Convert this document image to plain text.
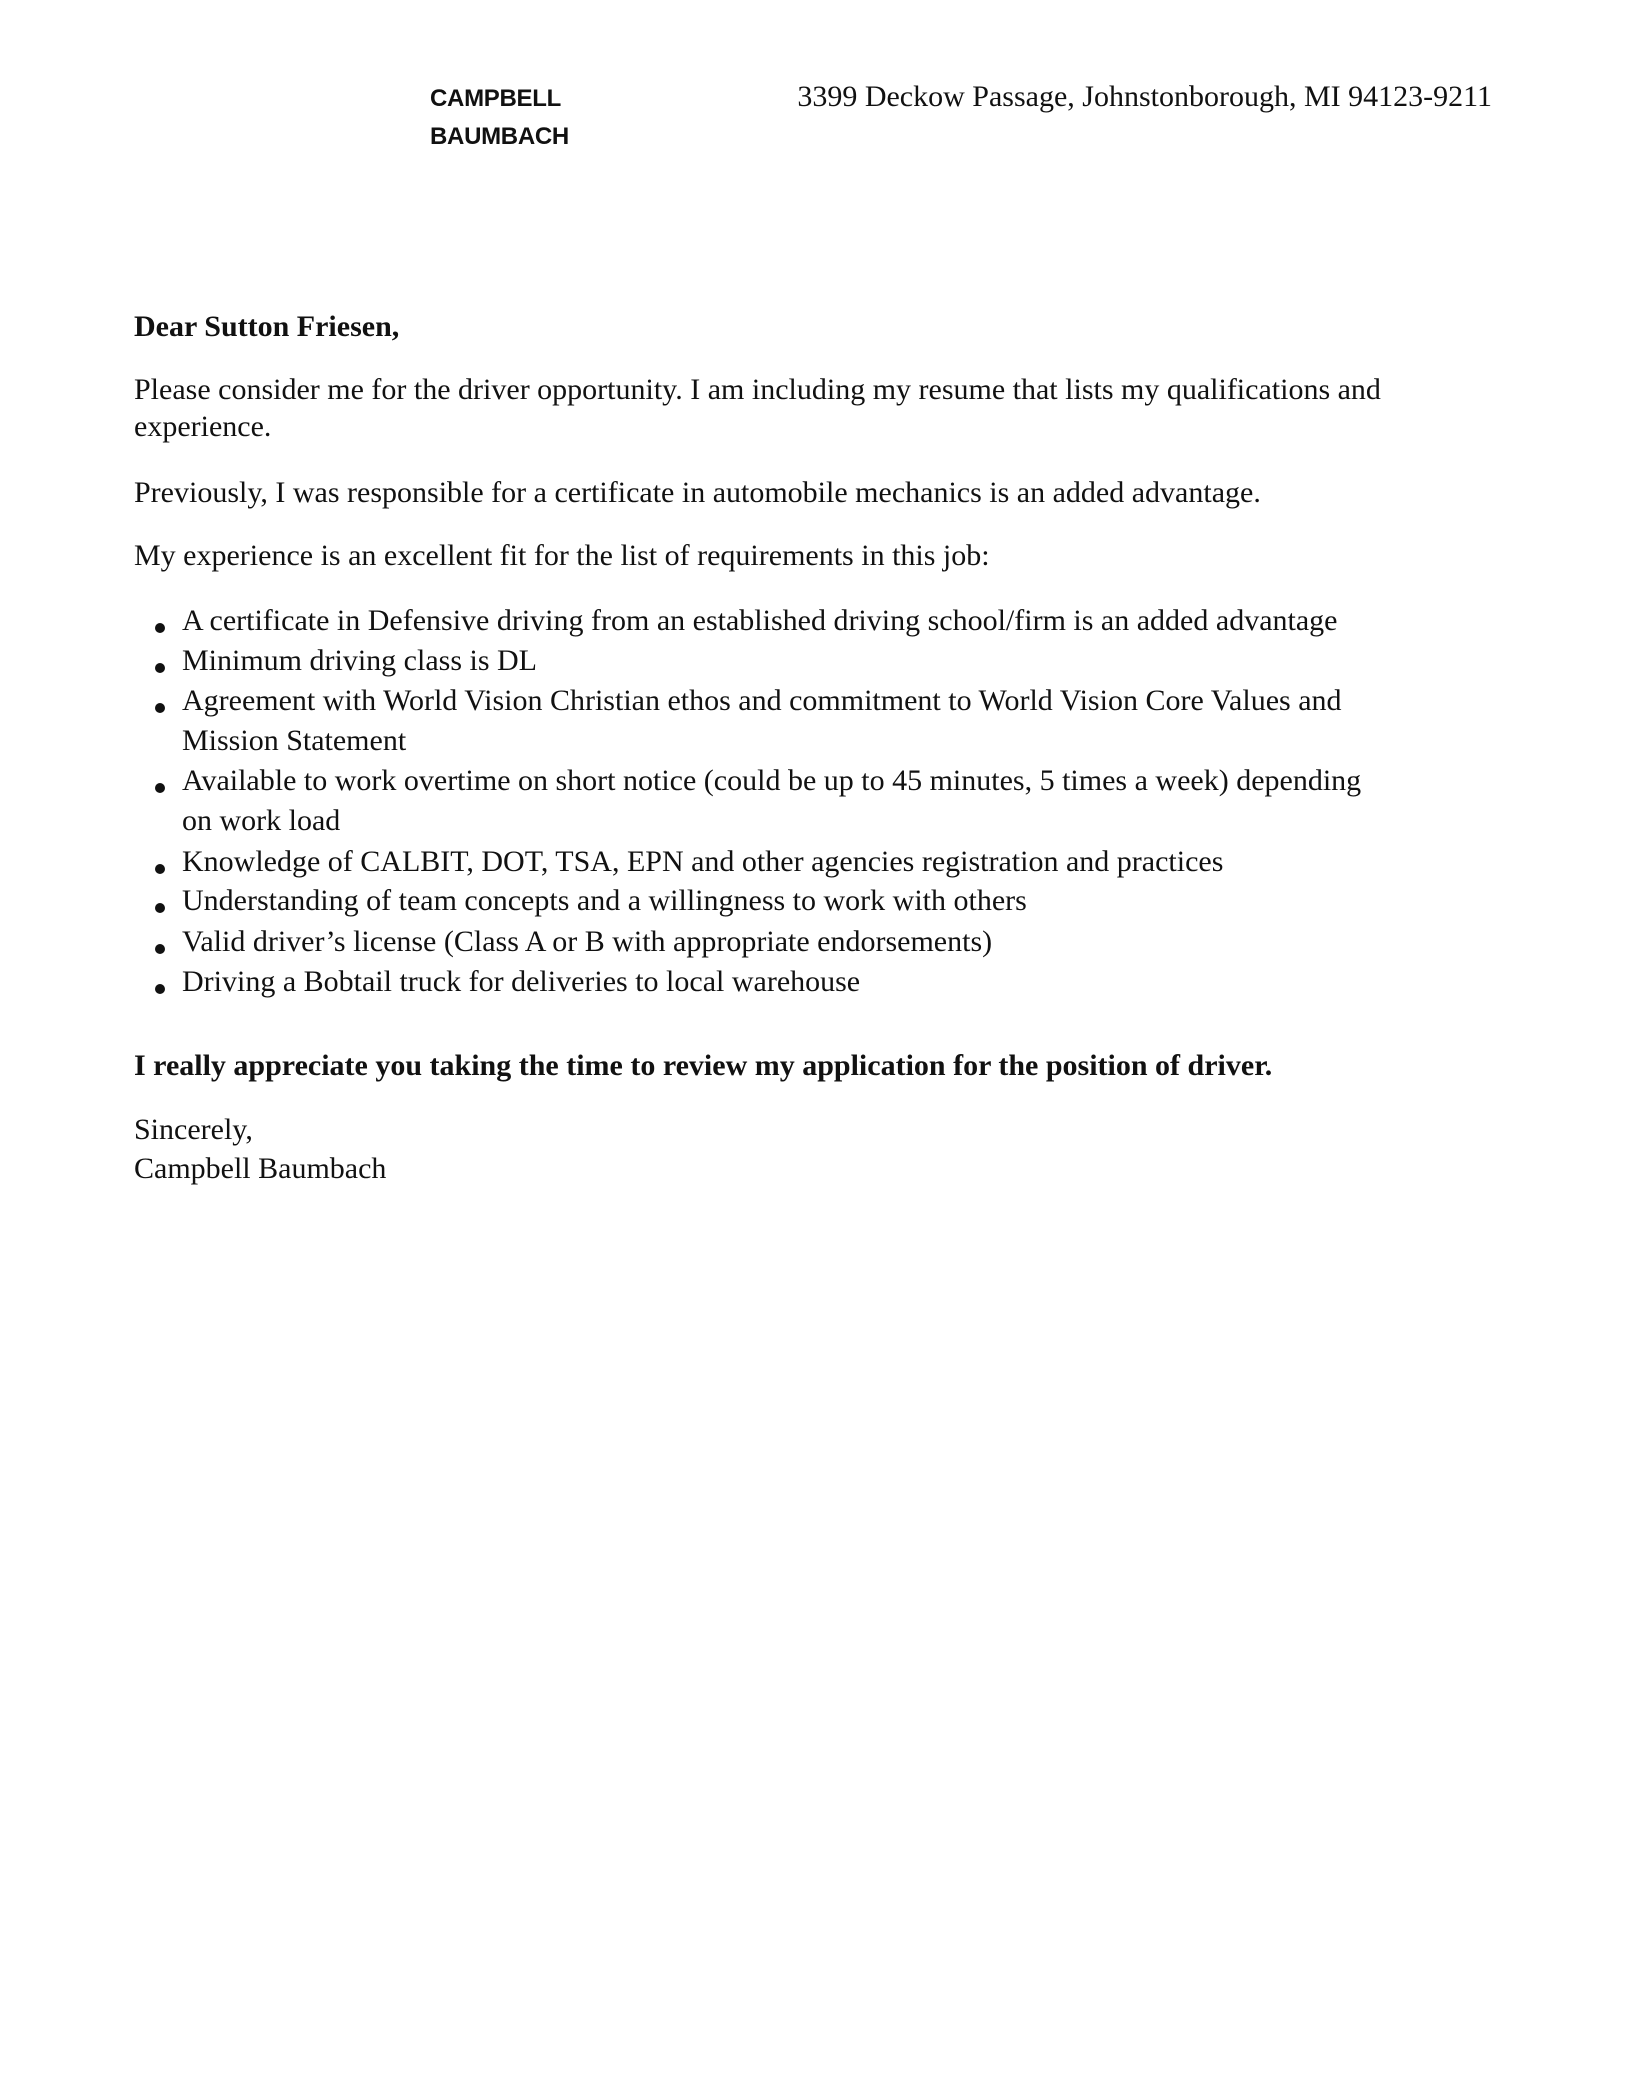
CAMPBELL
BAUMBACH
3399 Deckow Passage, Johnstonborough, MI 94123-9211
Dear Sutton Friesen,
Please consider me for the driver opportunity. I am including my resume that lists my qualifications and
experience.
Previously, I was responsible for a certificate in automobile mechanics is an added advantage.
My experience is an excellent fit for the list of requirements in this job:
A certificate in Defensive driving from an established driving school/firm is an added advantage
Minimum driving class is DL
Agreement with World Vision Christian ethos and commitment to World Vision Core Values and
Mission Statement
Available to work overtime on short notice (could be up to 45 minutes, 5 times a week) depending
on work load
Knowledge of CALBIT, DOT, TSA, EPN and other agencies registration and practices
Understanding of team concepts and a willingness to work with others
Valid driver’s license (Class A or B with appropriate endorsements)
Driving a Bobtail truck for deliveries to local warehouse
I really appreciate you taking the time to review my application for the position of driver.
Sincerely,
Campbell Baumbach
